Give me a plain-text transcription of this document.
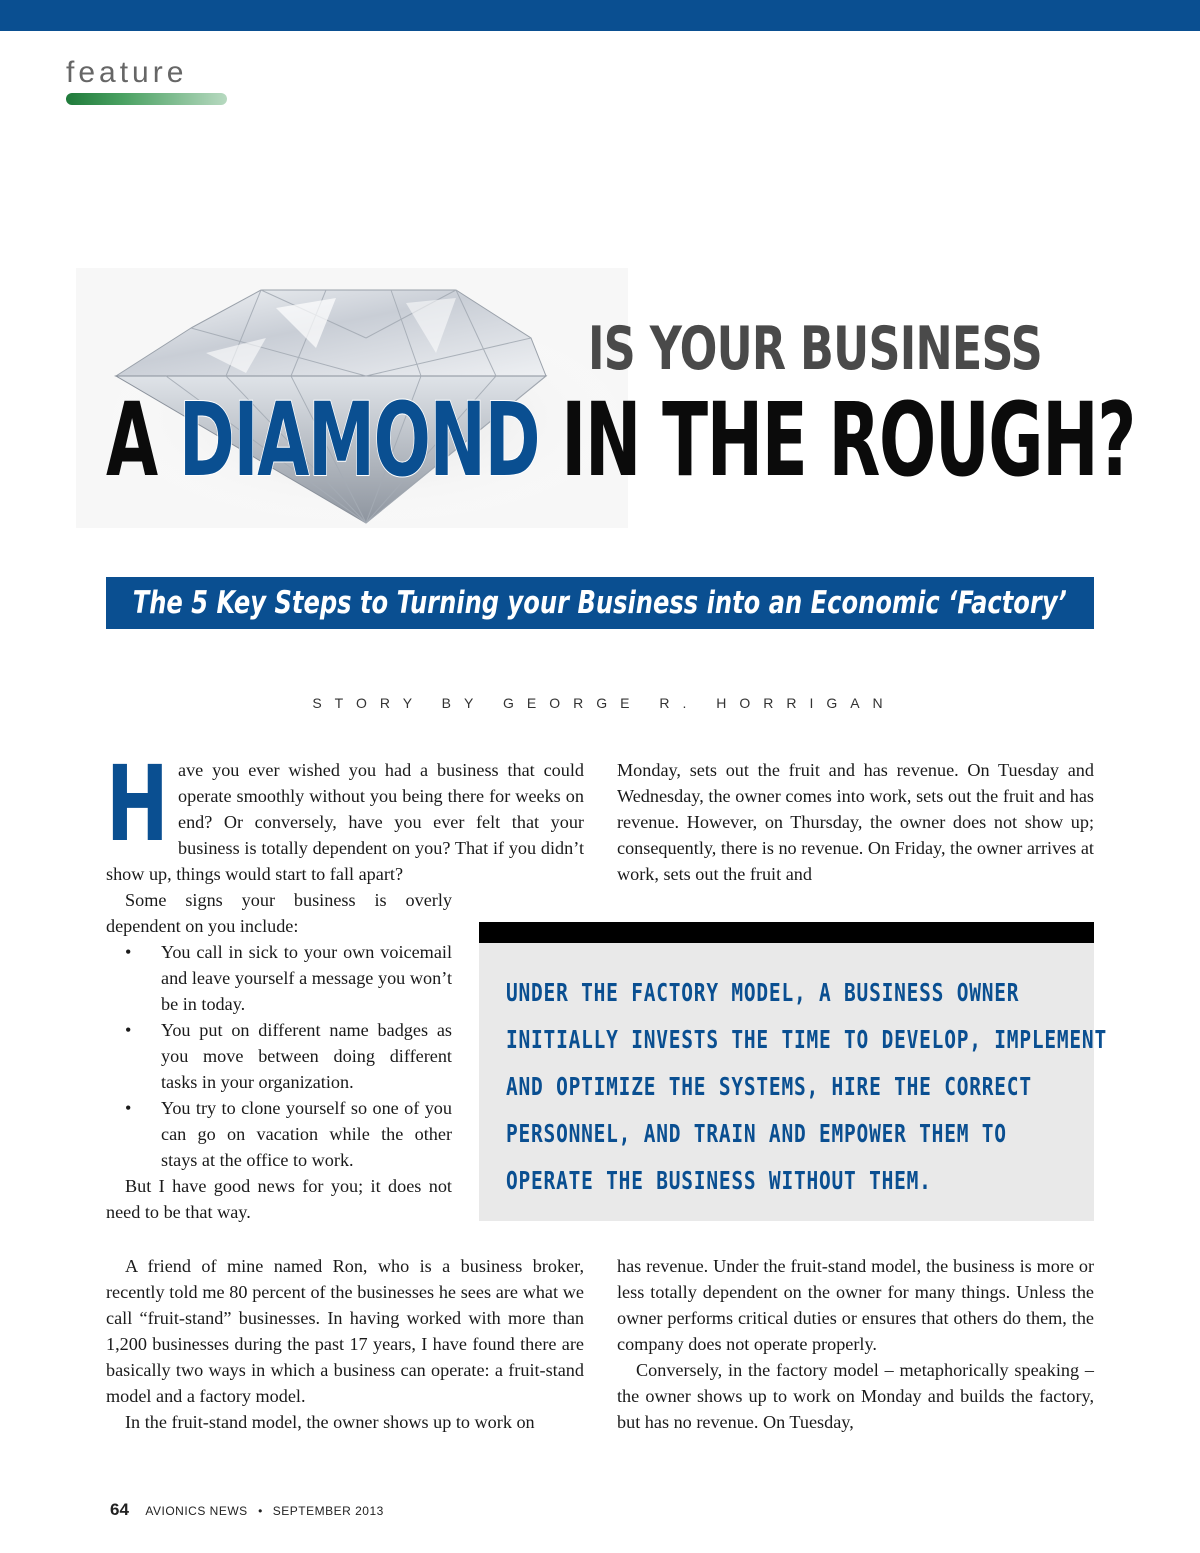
feature
IS YOUR BUSINESS
A DIAMOND IN THE ROUGH?
The 5 Key Steps to Turning your Business into an Economic ‘Factory’
STORY BY GEORGE R. HORRIGAN

Have you ever wished you had a business that could operate smoothly without you being there for weeks on end? Or conversely, have you ever felt that your business is totally dependent on you? That if you didn’t show up, things would start to fall apart?

Some signs your business is overly dependent on you include:

• You call in sick to your own voicemail and leave yourself a message you won’t be in today.
• You put on different name badges as you move between doing different tasks in your organization.
• You try to clone yourself so one of you can go on vacation while the other stays at the office to work.

But I have good news for you; it does not need to be that way.

A friend of mine named Ron, who is a business broker, recently told me 80 percent of the businesses he sees are what we call “fruit-stand” businesses. In having worked with more than 1,200 businesses during the past 17 years, I have found there are basically two ways in which a business can operate: a fruit-stand model and a factory model.

In the fruit-stand model, the owner shows up to work on

Monday, sets out the fruit and has revenue. On Tuesday and Wednesday, the owner comes into work, sets out the fruit and has revenue. However, on Thursday, the owner does not show up; consequently, there is no revenue. On Friday, the owner arrives at work, sets out the fruit and

UNDER THE FACTORY MODEL, A BUSINESS OWNER
INITIALLY INVESTS THE TIME TO DEVELOP, IMPLEMENT
AND OPTIMIZE THE SYSTEMS, HIRE THE CORRECT
PERSONNEL, AND TRAIN AND EMPOWER THEM TO
OPERATE THE BUSINESS WITHOUT THEM.

has revenue. Under the fruit-stand model, the business is more or less totally dependent on the owner for many things. Unless the owner performs critical duties or ensures that others do them, the company does not operate properly.

Conversely, in the factory model – metaphorically speaking – the owner shows up to work on Monday and builds the factory, but has no revenue. On Tuesday,

64 AVIONICS NEWS • SEPTEMBER 2013
